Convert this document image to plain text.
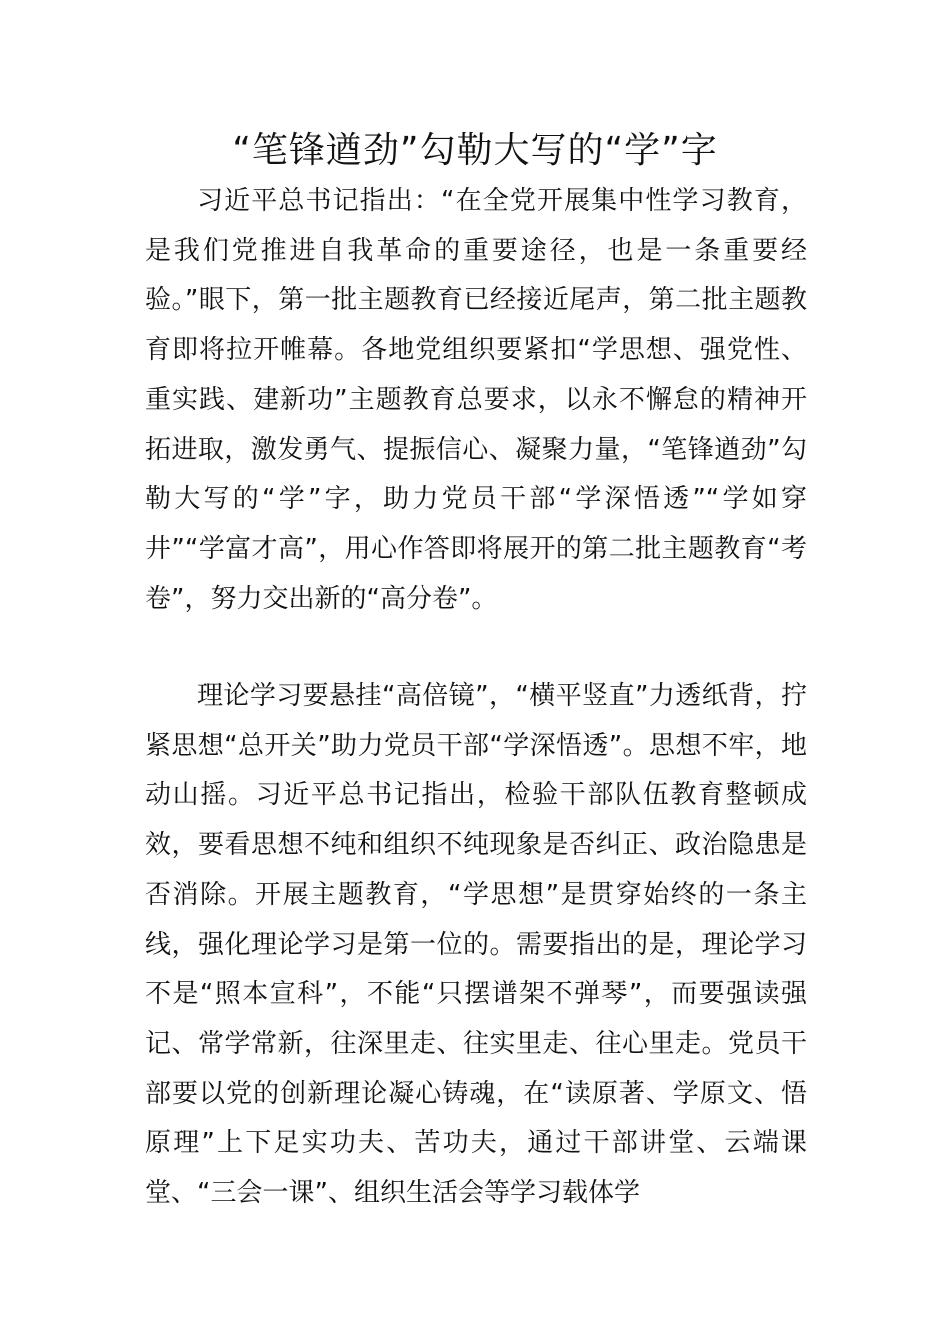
“笔锋遒劲”勾勒大写的“学”字

习近平总书记指出：“在全党开展集中性学习教育，是我们党推进自我革命的重要途径，也是一条重要经验。”眼下，第一批主题教育已经接近尾声，第二批主题教育即将拉开帷幕。各地党组织要紧扣“学思想、强党性、重实践、建新功”主题教育总要求，以永不懈怠的精神开拓进取，激发勇气、提振信心、凝聚力量，“笔锋遒劲”勾勒大写的“学”字，助力党员干部“学深悟透”“学如穿井”“学富才高”，用心作答即将展开的第二批主题教育“考卷”，努力交出新的“高分卷”。

理论学习要悬挂“高倍镜”，“横平竖直”力透纸背，拧紧思想“总开关”助力党员干部“学深悟透”。思想不牢，地动山摇。习近平总书记指出，检验干部队伍教育整顿成效，要看思想不纯和组织不纯现象是否纠正、政治隐患是否消除。开展主题教育，“学思想”是贯穿始终的一条主线，强化理论学习是第一位的。需要指出的是，理论学习不是“照本宣科”，不能“只摆谱架不弹琴”，而要强读强记、常学常新，往深里走、往实里走、往心里走。党员干部要以党的创新理论凝心铸魂，在“读原著、学原文、悟原理”上下足实功夫、苦功夫，通过干部讲堂、云端课堂、“三会一课”、组织生活会等学习载体学
